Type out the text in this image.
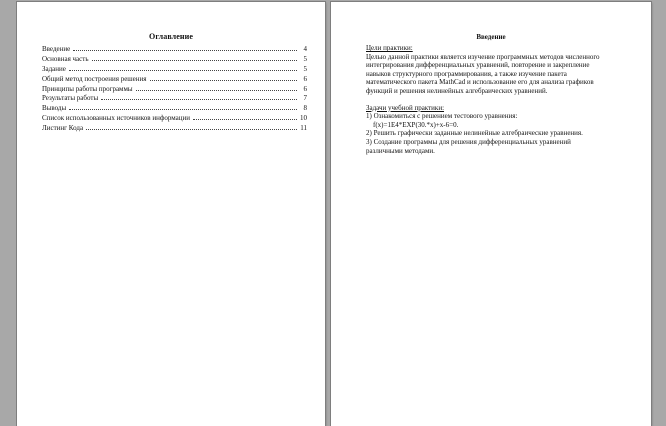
Оглавление
Введение	4
Основная часть	5
Задание	5
Общий метод построения решения	6
Принципы работы программы	6
Результаты работы	7
Выводы	8
Список использованных источников информации	10
Листинг Кода	11
Введение
Цели практики:
Целью данной практики является изучение программных методов численного
интегрирования дифференциальных уравнений, повторение и закрепление
навыков структурного программирования, а также изучение пакета
математического пакета MathCad и использование его для анализа графиков
функций и решения нелинейных алгебраических уравнений.
Задачи учебной практики:
1) Ознакомиться с решением тестового уравнения:
f(x)=1E4*EXP(30.*x)+x-6=0.
2) Решить графически заданные нелинейные алгебраические уравнения.
3) Создание программы для решения дифференциальных уравнений
различными методами.
